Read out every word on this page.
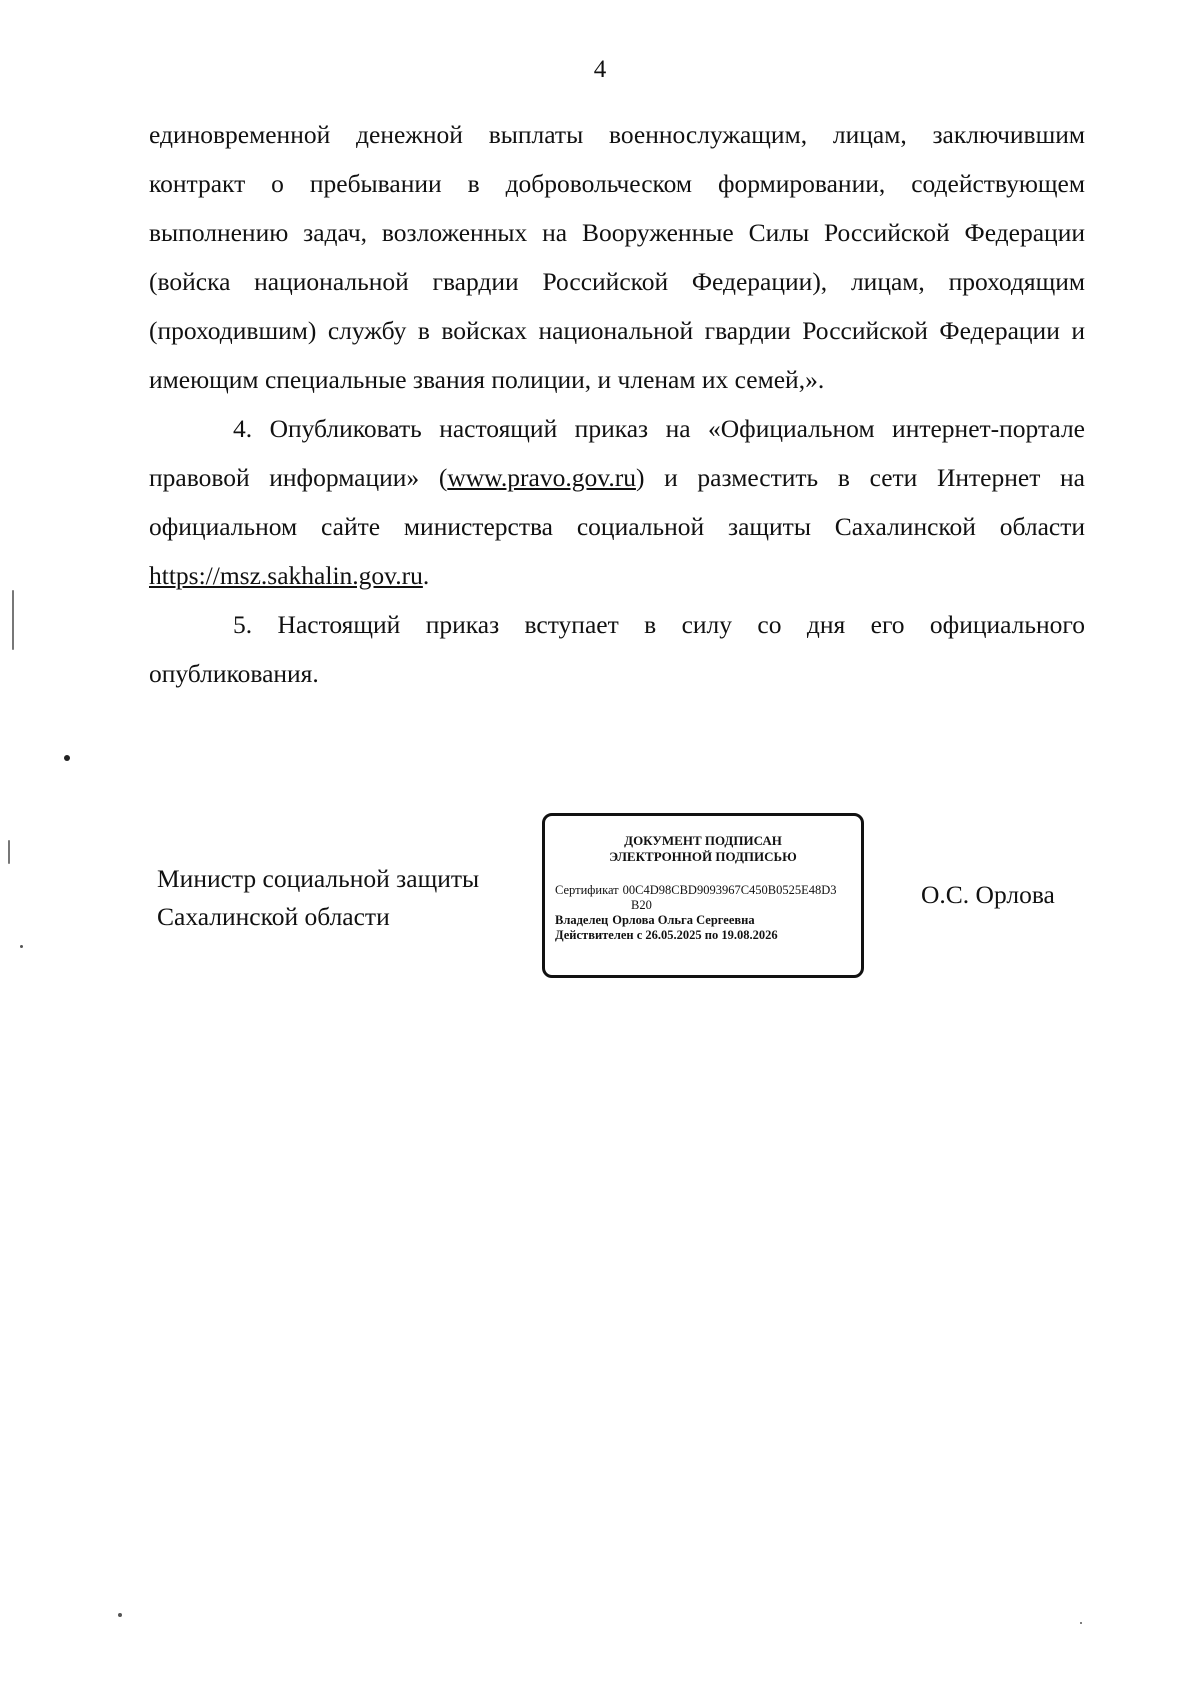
4

единовременной денежной выплаты военнослужащим, лицам, заключившим контракт о пребывании в добровольческом формировании, содействующем выполнению задач, возложенных на Вооруженные Силы Российской Федерации (войска национальной гвардии Российской Федерации), лицам, проходящим (проходившим) службу в войсках национальной гвардии Российской Федерации и имеющим специальные звания полиции, и членам их семей,».

4. Опубликовать настоящий приказ на «Официальном интернет-портале правовой информации» (www.pravo.gov.ru) и разместить в сети Интернет на официальном сайте министерства социальной защиты Сахалинской области https://msz.sakhalin.gov.ru.

5. Настоящий приказ вступает в силу со дня его официального опубликования.

Министр социальной защиты
Сахалинской области
ДОКУМЕНТ ПОДПИСАН
ЭЛЕКТРОННОЙ ПОДПИСЬЮ
Сертификат 00C4D98CBD9093967C450B0525E48D3
B20
Владелец Орлова Ольга Сергеевна
Действителен с 26.05.2025 по 19.08.2026
О.С. Орлова
